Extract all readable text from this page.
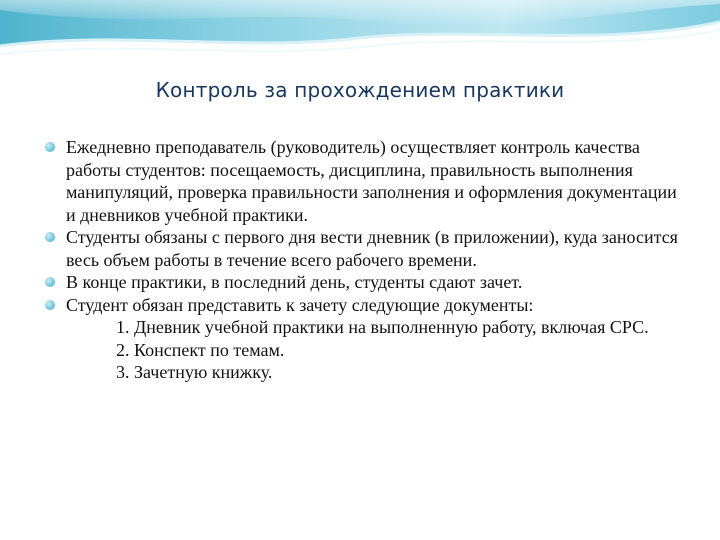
Контроль за прохождением практики
Ежедневно преподаватель (руководитель) осуществляет контроль качества работы студентов: посещаемость, дисциплина, правильность выполнения манипуляций, проверка правильности заполнения и оформления документации и дневников учебной практики.
Студенты обязаны с первого дня вести дневник (в приложении), куда заносится весь объем работы в течение всего рабочего времени.
В конце практики, в последний день, студенты сдают зачет.
Студент обязан представить к зачету следующие документы:
1. Дневник учебной практики на выполненную работу, включая СРС.
2. Конспект по темам.
3. Зачетную книжку.
